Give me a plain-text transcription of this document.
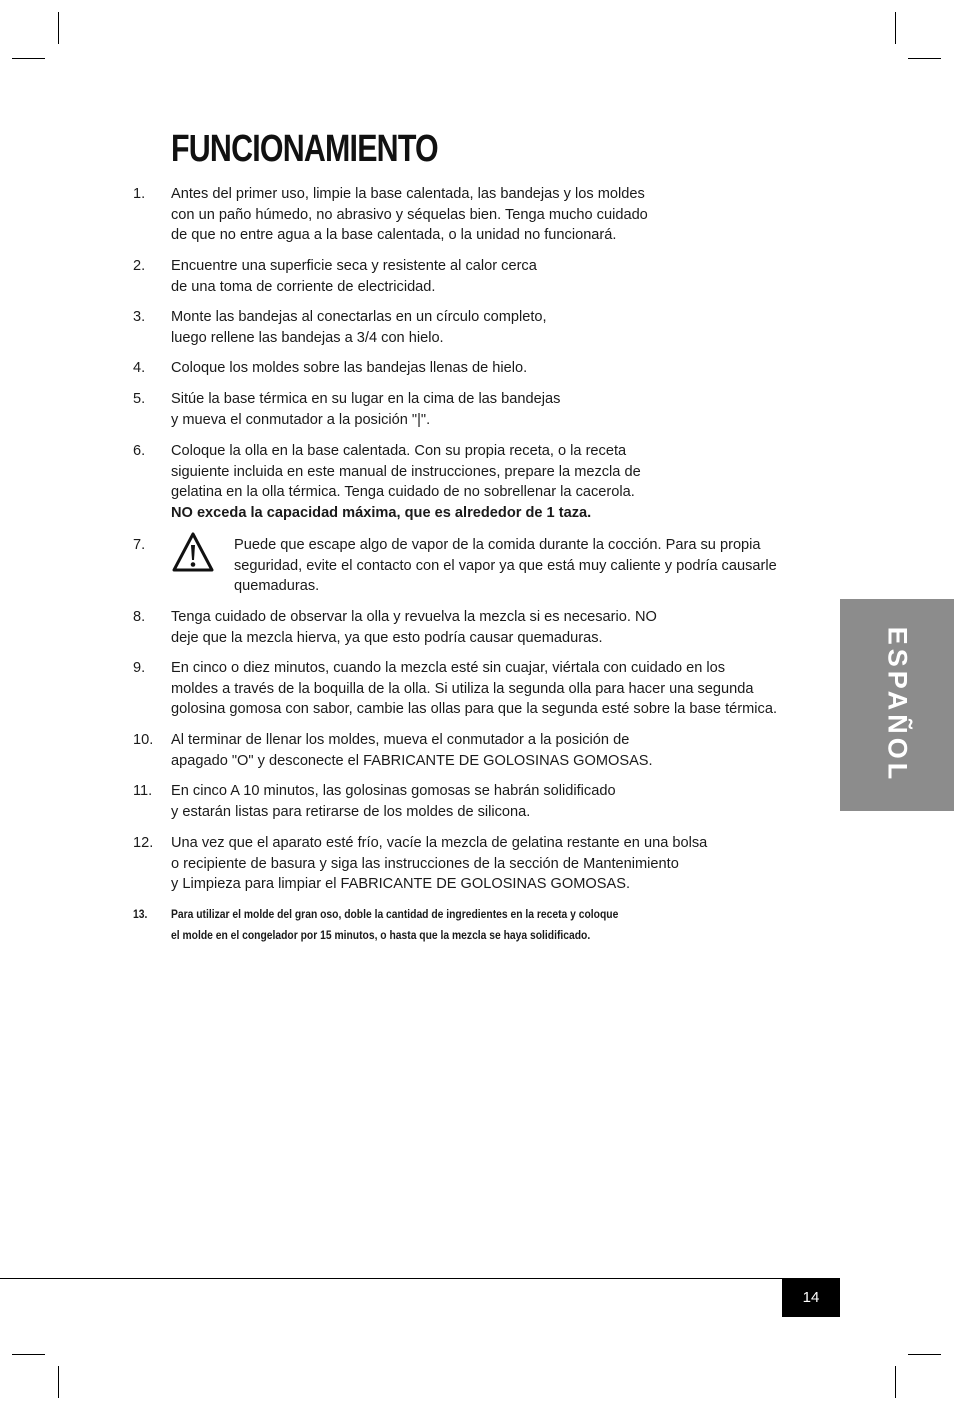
FUNCIONAMIENTO
1. Antes del primer uso, limpie la base calentada, las bandejas y los moldes
con un paño húmedo, no abrasivo y séquelas bien. Tenga mucho cuidado
de que no entre agua a la base calentada, o la unidad no funcionará.
2. Encuentre una superficie seca y resistente al calor cerca
de una toma de corriente de electricidad.
3. Monte las bandejas al conectarlas en un círculo completo,
luego rellene las bandejas a 3/4 con hielo.
4. Coloque los moldes sobre las bandejas llenas de hielo.
5. Sitúe la base térmica en su lugar en la cima de las bandejas
y mueva el conmutador a la posición "|".
6. Coloque la olla en la base calentada. Con su propia receta, o la receta
siguiente incluida en este manual de instrucciones, prepare la mezcla de
gelatina en la olla térmica. Tenga cuidado de no sobrellenar la cacerola.
NO exceda la capacidad máxima, que es alrededor de 1 taza.
7.	Puede que escape algo de vapor de la comida durante la cocción. Para su propia
seguridad, evite el contacto con el vapor ya que está muy caliente y podría causarle
quemaduras.
8. Tenga cuidado de observar la olla y revuelva la mezcla si es necesario. NO
deje que la mezcla hierva, ya que esto podría causar quemaduras.
9. En cinco o diez minutos, cuando la mezcla esté sin cuajar, viértala con cuidado en los
moldes a través de la boquilla de la olla. Si utiliza la segunda olla para hacer una segunda
golosina gomosa con sabor, cambie las ollas para que la segunda esté sobre la base térmica.
10. Al terminar de llenar los moldes, mueva el conmutador a la posición de
apagado "O" y desconecte el FABRICANTE DE GOLOSINAS GOMOSAS.
11. En cinco A 10 minutos, las golosinas gomosas se habrán solidificado
y estarán listas para retirarse de los moldes de silicona.
12. Una vez que el aparato esté frío, vacíe la mezcla de gelatina restante en una bolsa
o recipiente de basura y siga las instrucciones de la sección de Mantenimiento
y Limpieza para limpiar el FABRICANTE DE GOLOSINAS GOMOSAS.
13. Para utilizar el molde del gran oso, doble la cantidad de ingredientes en la receta y coloque
el molde en el congelador por 15 minutos, o hasta que la mezcla se haya solidificado.
ESPAÑOL
14
